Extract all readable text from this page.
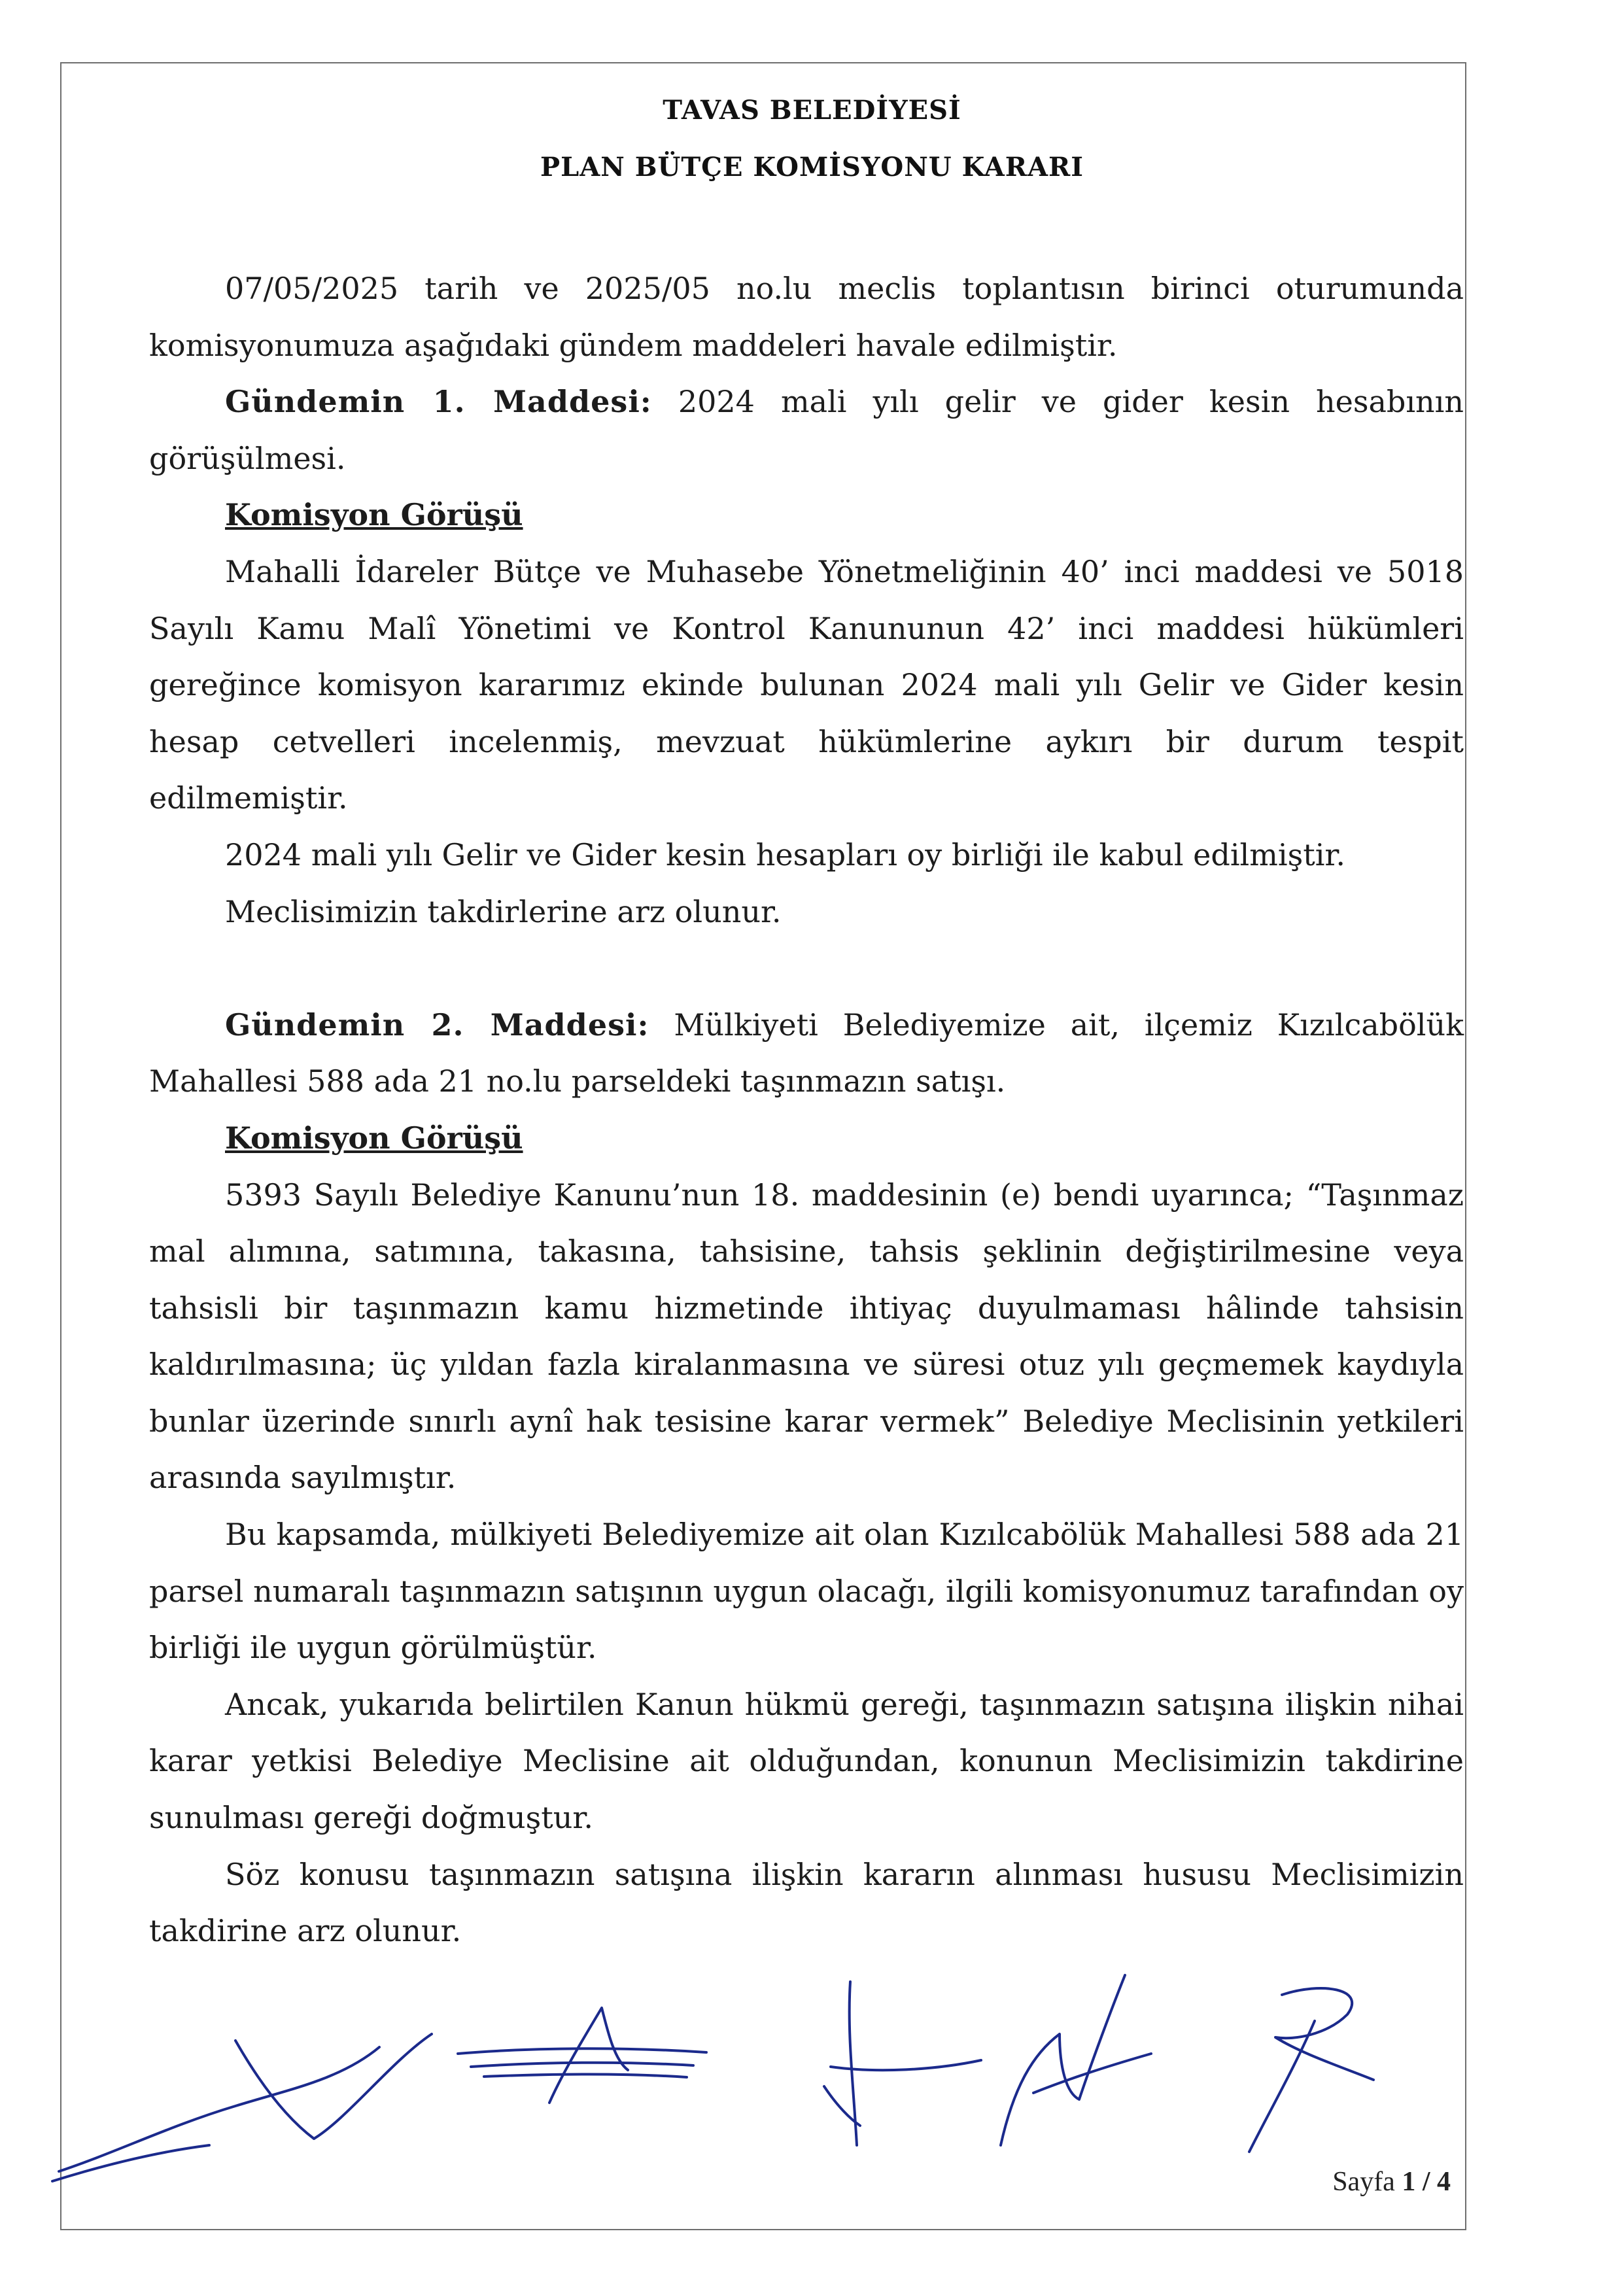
TAVAS BELEDİYESİ
PLAN BÜTÇE KOMİSYONU KARARI

07/05/2025 tarih ve 2025/05 no.lu meclis toplantısın birinci oturumunda komisyonumuza aşağıdaki gündem maddeleri havale edilmiştir.

Gündemin 1. Maddesi: 2024 mali yılı gelir ve gider kesin hesabının görüşülmesi.

Komisyon Görüşü

Mahalli İdareler Bütçe ve Muhasebe Yönetmeliğinin 40’ inci maddesi ve 5018 Sayılı Kamu Malî Yönetimi ve Kontrol Kanununun 42’ inci maddesi hükümleri gereğince komisyon kararımız ekinde bulunan 2024 mali yılı Gelir ve Gider kesin hesap cetvelleri incelenmiş, mevzuat hükümlerine aykırı bir durum tespit edilmemiştir.

2024 mali yılı Gelir ve Gider kesin hesapları oy birliği ile kabul edilmiştir.

Meclisimizin takdirlerine arz olunur.

Gündemin 2. Maddesi: Mülkiyeti Belediyemize ait, ilçemiz Kızılcabölük Mahallesi 588 ada 21 no.lu parseldeki taşınmazın satışı.

Komisyon Görüşü

5393 Sayılı Belediye Kanunu’nun 18. maddesinin (e) bendi uyarınca; “Taşınmaz mal alımına, satımına, takasına, tahsisine, tahsis şeklinin değiştirilmesine veya tahsisli bir taşınmazın kamu hizmetinde ihtiyaç duyulmaması hâlinde tahsisin kaldırılmasına; üç yıldan fazla kiralanmasına ve süresi otuz yılı geçmemek kaydıyla bunlar üzerinde sınırlı aynî hak tesisine karar vermek” Belediye Meclisinin yetkileri arasında sayılmıştır.

Bu kapsamda, mülkiyeti Belediyemize ait olan Kızılcabölük Mahallesi 588 ada 21 parsel numaralı taşınmazın satışının uygun olacağı, ilgili komisyonumuz tarafından oy birliği ile uygun görülmüştür.

Ancak, yukarıda belirtilen Kanun hükmü gereği, taşınmazın satışına ilişkin nihai karar yetkisi Belediye Meclisine ait olduğundan, konunun Meclisimizin takdirine sunulması gereği doğmuştur.

Söz konusu taşınmazın satışına ilişkin kararın alınması hususu Meclisimizin takdirine arz olunur.

Sayfa 1 / 4
